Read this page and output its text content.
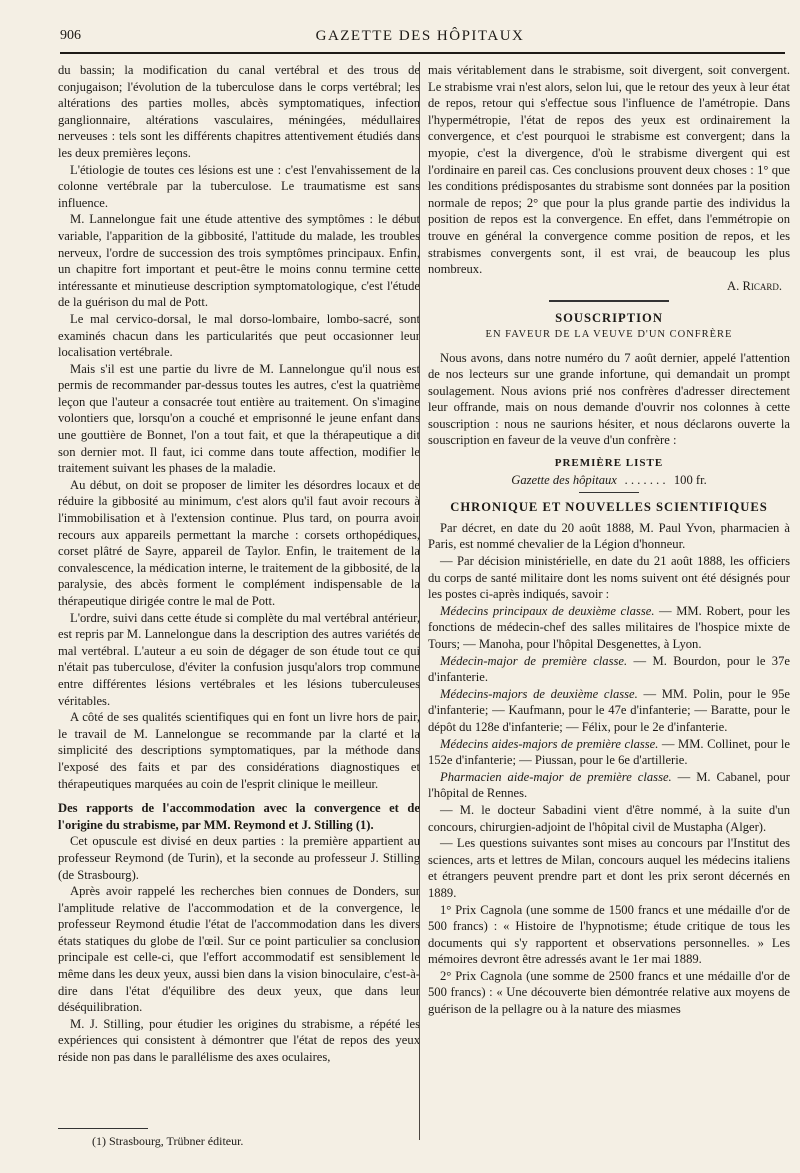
906	GAZETTE DES HÔPITAUX

du bassin; la modification du canal vertébral et des trous de conjugaison; l'évolution de la tuberculose dans le corps vertébral; les altérations des parties molles, abcès symptomatiques, infection ganglionnaire, altérations vasculaires, méningées, médullaires nerveuses : tels sont les différents chapitres attentivement étudiés dans les deux premières leçons.

L'étiologie de toutes ces lésions est une : c'est l'envahissement de la colonne vertébrale par la tuberculose. Le traumatisme est sans influence.

M. Lannelongue fait une étude attentive des symptômes : le début variable, l'apparition de la gibbosité, l'attitude du malade, les troubles nerveux, l'ordre de succession des trois symptômes principaux. Enfin, un chapitre fort important et peut-être le moins connu termine cette intéressante et minutieuse description symptomatologique, c'est l'étude de la guérison du mal de Pott.

Le mal cervico-dorsal, le mal dorso-lombaire, lombo-sacré, sont examinés chacun dans les particularités que peut occasionner leur localisation vertébrale.

Mais s'il est une partie du livre de M. Lannelongue qu'il nous est permis de recommander par-dessus toutes les autres, c'est la quatrième leçon que l'auteur a consacrée tout entière au traitement. On s'imagine volontiers que, lorsqu'on a couché et emprisonné le jeune enfant dans une gouttière de Bonnet, l'on a tout fait, et que la thérapeutique a dit son dernier mot. Il faut, ici comme dans toute affection, modifier le traitement suivant les phases de la maladie.

Au début, on doit se proposer de limiter les désordres locaux et de réduire la gibbosité au minimum, c'est alors qu'il faut avoir recours à l'immobilisation et à l'extension continue. Plus tard, on pourra avoir recours aux appareils permettant la marche : corsets orthopédiques, corset plâtré de Sayre, appareil de Taylor. Enfin, le traitement de la convalescence, la médication interne, le traitement de la gibbosité, de la paralysie, des abcès forment le complément indispensable de la thérapeutique dirigée contre le mal de Pott.

L'ordre, suivi dans cette étude si complète du mal vertébral antérieur, est repris par M. Lannelongue dans la description des autres variétés de mal vertébral. L'auteur a eu soin de dégager de son étude tout ce qui n'était pas tuberculose, d'éviter la confusion jusqu'alors trop commune entre différentes lésions vertébrales et les lésions tuberculeuses véritables.

A côté de ses qualités scientifiques qui en font un livre hors de pair, le travail de M. Lannelongue se recommande par la clarté et la simplicité des descriptions symptomatiques, par la méthode dans l'exposé des faits et par des considérations diagnostiques et thérapeutiques marquées au coin de l'esprit clinique le meilleur.

Des rapports de l'accommodation avec la convergence et de l'origine du strabisme, par MM. Reymond et J. Stilling (1).

Cet opuscule est divisé en deux parties : la première appartient au professeur Reymond (de Turin), et la seconde au professeur J. Stilling (de Strasbourg).

Après avoir rappelé les recherches bien connues de Donders, sur l'amplitude relative de l'accommodation et de la convergence, le professeur Reymond étudie l'état de l'accommodation dans les divers états statiques du globe de l'œil. Sur ce point particulier sa conclusion principale est celle-ci, que l'effort accommodatif est sensiblement le même dans les deux yeux, aussi bien dans la vision binoculaire, c'est-à-dire dans l'état d'équilibre des deux yeux, que dans leur déséquilibration.

M. J. Stilling, pour étudier les origines du strabisme, a répété les expériences qui consistent à démontrer que l'état de repos des yeux réside non pas dans le parallélisme des axes oculaires,

mais véritablement dans le strabisme, soit divergent, soit convergent. Le strabisme vrai n'est alors, selon lui, que le retour des yeux à leur état de repos, retour qui s'effectue sous l'influence de l'amétropie. Dans l'hypermétropie, l'état de repos des yeux est ordinairement la convergence, et c'est pourquoi le strabisme est convergent; dans la myopie, c'est la divergence, d'où le strabisme divergent qui est l'ordinaire en pareil cas. Ces conclusions prouvent deux choses : 1° que les conditions prédisposantes du strabisme sont données par la position normale de repos; 2° que pour la plus grande partie des individus la position de repos est la convergence. En effet, dans l'emmétropie on trouve en général la convergence comme position de repos, et les strabismes convergents sont, il est vrai, de beaucoup les plus nombreux.

A. Ricard.

SOUSCRIPTION
EN FAVEUR DE LA VEUVE D'UN CONFRÈRE

Nous avons, dans notre numéro du 7 août dernier, appelé l'attention de nos lecteurs sur une grande infortune, qui demandait un prompt soulagement. Nous avions prié nos confrères d'adresser directement leur offrande, mais on nous demande d'ouvrir nos colonnes à cette souscription : nous ne saurions hésiter, et nous déclarons ouverte la souscription en faveur de la veuve d'un confrère :

PREMIÈRE LISTE
Gazette des hôpitaux . . . . . . . 100 fr.
CHRONIQUE ET NOUVELLES SCIENTIFIQUES

Par décret, en date du 20 août 1888, M. Paul Yvon, pharmacien à Paris, est nommé chevalier de la Légion d'honneur.

— Par décision ministérielle, en date du 21 août 1888, les officiers du corps de santé militaire dont les noms suivent ont été désignés pour les postes ci-après indiqués, savoir :

Médecins principaux de deuxième classe. — MM. Robert, pour les fonctions de médecin-chef des salles militaires de l'hospice mixte de Tours; — Manoha, pour l'hôpital Desgenettes, à Lyon.

Médecin-major de première classe. — M. Bourdon, pour le 37e d'infanterie.

Médecins-majors de deuxième classe. — MM. Polin, pour le 95e d'infanterie; — Kaufmann, pour le 47e d'infanterie; — Baratte, pour le dépôt du 128e d'infanterie; — Félix, pour le 2e d'infanterie.

Médecins aides-majors de première classe. — MM. Collinet, pour le 152e d'infanterie; — Piussan, pour le 6e d'artillerie.

Pharmacien aide-major de première classe. — M. Cabanel, pour l'hôpital de Rennes.

— M. le docteur Sabadini vient d'être nommé, à la suite d'un concours, chirurgien-adjoint de l'hôpital civil de Mustapha (Alger).

— Les questions suivantes sont mises au concours par l'Institut des sciences, arts et lettres de Milan, concours auquel les médecins italiens et étrangers peuvent prendre part et dont les prix seront décernés en 1889.

1° Prix Cagnola (une somme de 1500 francs et une médaille d'or de 500 francs) : « Histoire de l'hypnotisme; étude critique de tous les documents qui s'y rapportent et observations personnelles. » Les mémoires devront être adressés avant le 1er mai 1889.

2° Prix Cagnola (une somme de 2500 francs et une médaille d'or de 500 francs) : « Une découverte bien démontrée relative aux moyens de guérison de la pellagre ou à la nature des miasmes

(1) Strasbourg, Trübner éditeur.
